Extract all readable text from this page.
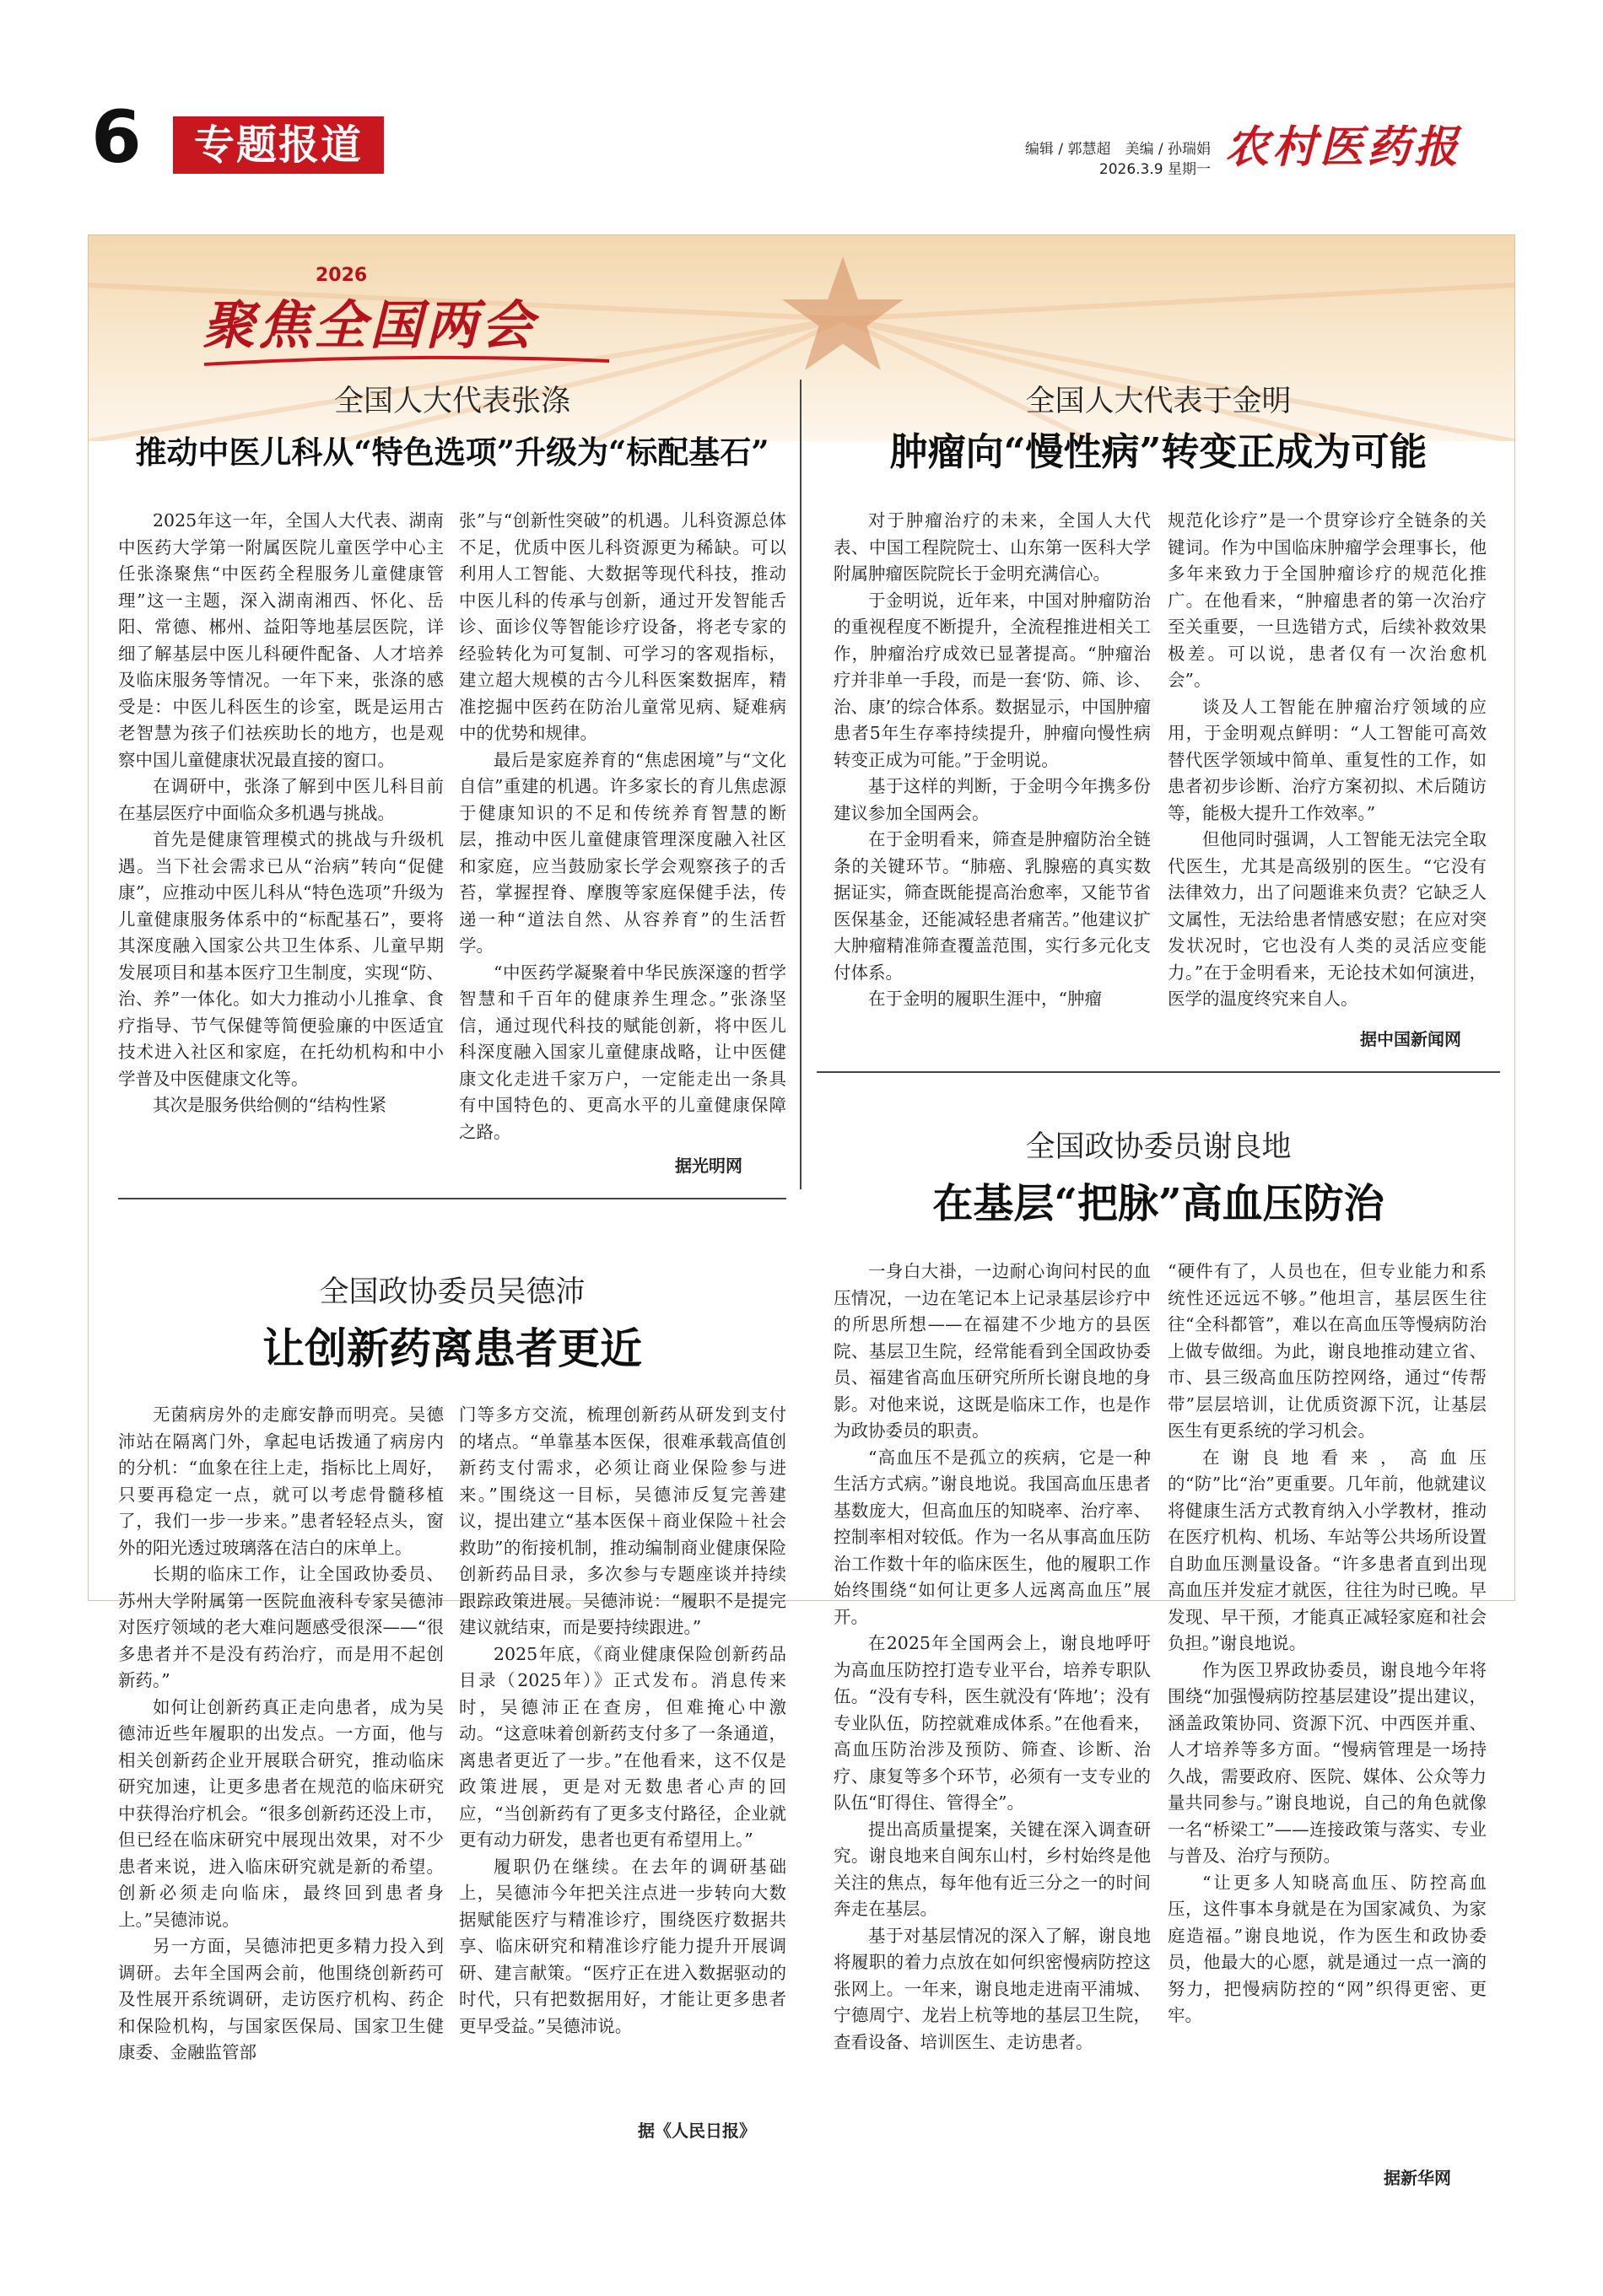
6	专题报道	编辑 / 郭慧超　美编 / 孙瑞娟
2026.3.9 星期一 农村医药报
2026
聚焦全国两会
全国人大代表张涤
推动中医儿科从“特色选项”升级为“标配基石”

2025年这一年，全国人大代表、湖南中医药大学第一附属医院儿童医学中心主任张涤聚焦“中医药全程服务儿童健康管理”这一主题，深入湖南湘西、怀化、岳阳、常德、郴州、益阳等地基层医院，详细了解基层中医儿科硬件配备、人才培养及临床服务等情况。一年下来，张涤的感受是：中医儿科医生的诊室，既是运用古老智慧为孩子们祛疾助长的地方，也是观察中国儿童健康状况最直接的窗口。

在调研中，张涤了解到中医儿科目前在基层医疗中面临众多机遇与挑战。

首先是健康管理模式的挑战与升级机遇。当下社会需求已从“治病”转向“促健康”，应推动中医儿科从“特色选项”升级为儿童健康服务体系中的“标配基石”，要将其深度融入国家公共卫生体系、儿童早期发展项目和基本医疗卫生制度，实现“防、治、养”一体化。如大力推动小儿推拿、食疗指导、节气保健等简便验廉的中医适宜技术进入社区和家庭，在托幼机构和中小学普及中医健康文化等。

其次是服务供给侧的“结构性紧

张”与“创新性突破”的机遇。儿科资源总体不足，优质中医儿科资源更为稀缺。可以利用人工智能、大数据等现代科技，推动中医儿科的传承与创新，通过开发智能舌诊、面诊仪等智能诊疗设备，将老专家的经验转化为可复制、可学习的客观指标，建立超大规模的古今儿科医案数据库，精准挖掘中医药在防治儿童常见病、疑难病中的优势和规律。

最后是家庭养育的“焦虑困境”与“文化自信”重建的机遇。许多家长的育儿焦虑源于健康知识的不足和传统养育智慧的断层，推动中医儿童健康管理深度融入社区和家庭，应当鼓励家长学会观察孩子的舌苔，掌握捏脊、摩腹等家庭保健手法，传递一种“道法自然、从容养育”的生活哲学。

“中医药学凝聚着中华民族深邃的哲学智慧和千百年的健康养生理念。”张涤坚信，通过现代科技的赋能创新，将中医儿科深度融入国家儿童健康战略，让中医健康文化走进千家万户，一定能走出一条具有中国特色的、更高水平的儿童健康保障之路。

据光明网
全国人大代表于金明
肿瘤向“慢性病”转变正成为可能

对于肿瘤治疗的未来，全国人大代表、中国工程院院士、山东第一医科大学附属肿瘤医院院长于金明充满信心。

于金明说，近年来，中国对肿瘤防治的重视程度不断提升，全流程推进相关工作，肿瘤治疗成效已显著提高。“肿瘤治疗并非单一手段，而是一套‘防、筛、诊、治、康’的综合体系。数据显示，中国肿瘤患者5年生存率持续提升，肿瘤向慢性病转变正成为可能。”于金明说。

基于这样的判断，于金明今年携多份建议参加全国两会。

在于金明看来，筛查是肿瘤防治全链条的关键环节。“肺癌、乳腺癌的真实数据证实，筛查既能提高治愈率，又能节省医保基金，还能减轻患者痛苦。”他建议扩大肿瘤精准筛查覆盖范围，实行多元化支付体系。

在于金明的履职生涯中，“肿瘤

规范化诊疗”是一个贯穿诊疗全链条的关键词。作为中国临床肿瘤学会理事长，他多年来致力于全国肿瘤诊疗的规范化推广。在他看来，“肿瘤患者的第一次治疗至关重要，一旦选错方式，后续补救效果极差。可以说，患者仅有一次治愈机会”。

谈及人工智能在肿瘤治疗领域的应用，于金明观点鲜明：“人工智能可高效替代医学领域中简单、重复性的工作，如患者初步诊断、治疗方案初拟、术后随访等，能极大提升工作效率。”

但他同时强调，人工智能无法完全取代医生，尤其是高级别的医生。“它没有法律效力，出了问题谁来负责？它缺乏人文属性，无法给患者情感安慰；在应对突发状况时，它也没有人类的灵活应变能力。”在于金明看来，无论技术如何演进，医学的温度终究来自人。

据中国新闻网
全国政协委员吴德沛
让创新药离患者更近

无菌病房外的走廊安静而明亮。吴德沛站在隔离门外，拿起电话拨通了病房内的分机：“血象在往上走，指标比上周好，只要再稳定一点，就可以考虑骨髓移植了，我们一步一步来。”患者轻轻点头，窗外的阳光透过玻璃落在洁白的床单上。

长期的临床工作，让全国政协委员、苏州大学附属第一医院血液科专家吴德沛对医疗领域的老大难问题感受很深——“很多患者并不是没有药治疗，而是用不起创新药。”

如何让创新药真正走向患者，成为吴德沛近些年履职的出发点。一方面，他与相关创新药企业开展联合研究，推动临床研究加速，让更多患者在规范的临床研究中获得治疗机会。“很多创新药还没上市，但已经在临床研究中展现出效果，对不少患者来说，进入临床研究就是新的希望。创新必须走向临床，最终回到患者身上。”吴德沛说。

另一方面，吴德沛把更多精力投入到调研。去年全国两会前，他围绕创新药可及性展开系统调研，走访医疗机构、药企和保险机构，与国家医保局、国家卫生健康委、金融监管部

门等多方交流，梳理创新药从研发到支付的堵点。“单靠基本医保，很难承载高值创新药支付需求，必须让商业保险参与进来。”围绕这一目标，吴德沛反复完善建议，提出建立“基本医保＋商业保险＋社会救助”的衔接机制，推动编制商业健康保险创新药品目录，多次参与专题座谈并持续跟踪政策进展。吴德沛说：“履职不是提完建议就结束，而是要持续跟进。”

2025年底，《商业健康保险创新药品目录（2025年）》正式发布。消息传来时，吴德沛正在查房，但难掩心中激动。“这意味着创新药支付多了一条通道，离患者更近了一步。”在他看来，这不仅是政策进展，更是对无数患者心声的回应，“当创新药有了更多支付路径，企业就更有动力研发，患者也更有希望用上。”

履职仍在继续。在去年的调研基础上，吴德沛今年把关注点进一步转向大数据赋能医疗与精准诊疗，围绕医疗数据共享、临床研究和精准诊疗能力提升开展调研、建言献策。“医疗正在进入数据驱动的时代，只有把数据用好，才能让更多患者更早受益。”吴德沛说。

据《人民日报》
全国政协委员谢良地
在基层“把脉”高血压防治

一身白大褂，一边耐心询问村民的血压情况，一边在笔记本上记录基层诊疗中的所思所想——在福建不少地方的县医院、基层卫生院，经常能看到全国政协委员、福建省高血压研究所所长谢良地的身影。对他来说，这既是临床工作，也是作为政协委员的职责。

“高血压不是孤立的疾病，它是一种生活方式病。”谢良地说。我国高血压患者基数庞大，但高血压的知晓率、治疗率、控制率相对较低。作为一名从事高血压防治工作数十年的临床医生，他的履职工作始终围绕“如何让更多人远离高血压”展开。

在2025年全国两会上，谢良地呼吁为高血压防控打造专业平台，培养专职队伍。“没有专科，医生就没有‘阵地’；没有专业队伍，防控就难成体系。”在他看来，高血压防治涉及预防、筛查、诊断、治疗、康复等多个环节，必须有一支专业的队伍“盯得住、管得全”。

提出高质量提案，关键在深入调查研究。谢良地来自闽东山村，乡村始终是他关注的焦点，每年他有近三分之一的时间奔走在基层。

基于对基层情况的深入了解，谢良地将履职的着力点放在如何织密慢病防控这张网上。一年来，谢良地走进南平浦城、宁德周宁、龙岩上杭等地的基层卫生院，查看设备、培训医生、走访患者。

“硬件有了，人员也在，但专业能力和系统性还远远不够。”他坦言，基层医生往往“全科都管”，难以在高血压等慢病防治上做专做细。为此，谢良地推动建立省、市、县三级高血压防控网络，通过“传帮带”层层培训，让优质资源下沉，让基层医生有更系统的学习机会。

在谢良地看来，高血压的“防”比“治”更重要。几年前，他就建议将健康生活方式教育纳入小学教材，推动在医疗机构、机场、车站等公共场所设置自助血压测量设备。“许多患者直到出现高血压并发症才就医，往往为时已晚。早发现、早干预，才能真正减轻家庭和社会负担。”谢良地说。

作为医卫界政协委员，谢良地今年将围绕“加强慢病防控基层建设”提出建议，涵盖政策协同、资源下沉、中西医并重、人才培养等多方面。“慢病管理是一场持久战，需要政府、医院、媒体、公众等力量共同参与。”谢良地说，自己的角色就像一名“桥梁工”——连接政策与落实、专业与普及、治疗与预防。

“让更多人知晓高血压、防控高血压，这件事本身就是在为国家减负、为家庭造福。”谢良地说，作为医生和政协委员，他最大的心愿，就是通过一点一滴的努力，把慢病防控的“网”织得更密、更牢。

据新华网
